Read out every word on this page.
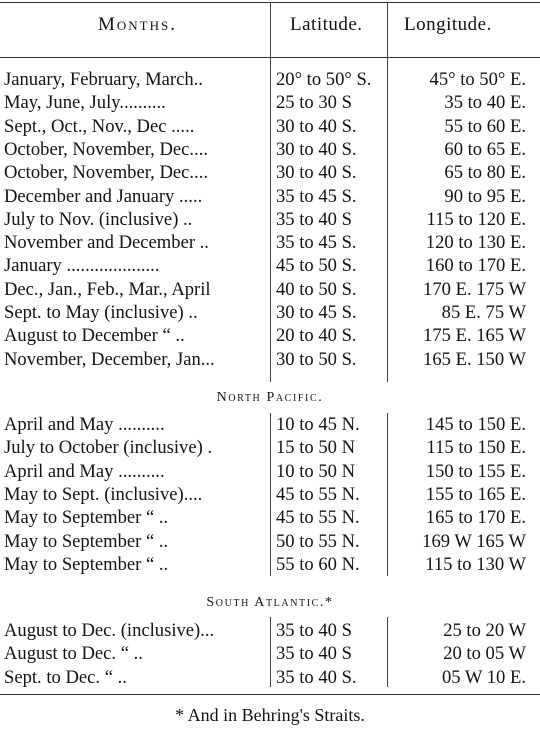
Months.	Latitude. Longitude.
January, February, March..	20° to 50° S.	45° to 50° E.
May, June, July..........	25 to 30 S	35 to 40 E.
Sept., Oct., Nov., Dec .....	30 to 40 S.	55 to 60 E.
October, November, Dec....	30 to 40 S.	60 to 65 E.
October, November, Dec....	30 to 40 S.	65 to 80 E.
December and January .....	35 to 45 S.	90 to 95 E.
July to Nov. (inclusive) ..	35 to 40 S	115 to 120 E.
November and December ..	35 to 45 S.	120 to 130 E.
January ....................	45 to 50 S.	160 to 170 E.
Dec., Jan., Feb., Mar., April	40 to 50 S.	170 E. 175 W
Sept. to May (inclusive) ..	30 to 45 S.	85 E. 75 W
August to December “ ..	20 to 40 S.	175 E. 165 W
November, December, Jan...	30 to 50 S.	165 E. 150 W
North Pacific.
April and May ..........	10 to 45 N.	145 to 150 E.
July to October (inclusive) .	15 to 50 N	115 to 150 E.
April and May ..........	10 to 50 N	150 to 155 E.
May to Sept. (inclusive)....	45 to 55 N.	155 to 165 E.
May to September “ ..	45 to 55 N.	165 to 170 E.
May to September “ ..	50 to 55 N.	169 W 165 W
May to September “ ..	55 to 60 N.	115 to 130 W
South Atlantic.*
August to Dec. (inclusive)...	35 to 40 S	25 to 20 W
August to Dec. “ ..	35 to 40 S	20 to 05 W
Sept. to Dec. “ ..	35 to 40 S.	05 W 10 E.
* And in Behring's Straits.
